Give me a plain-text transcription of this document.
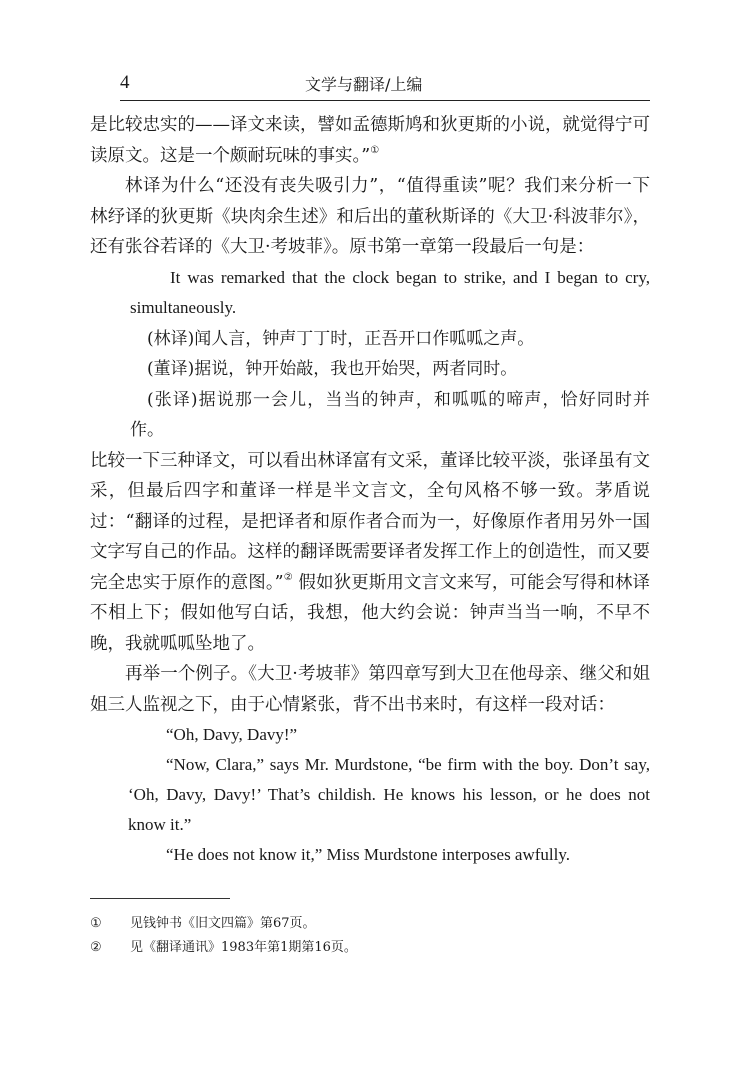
4	文学与翻译/上编

是比较忠实的——译文来读，譬如孟德斯鸠和狄更斯的小说，就觉得宁可读原文。这是一个颇耐玩味的事实。”①

林译为什么“还没有丧失吸引力”，“值得重读”呢？我们来分析一下林纾译的狄更斯《块肉余生述》和后出的董秋斯译的《大卫·科波菲尔》，还有张谷若译的《大卫·考坡菲》。原书第一章第一段最后一句是：

It was remarked that the clock began to strike, and I began to cry, simultaneously.

(林译)闻人言，钟声丁丁时，正吾开口作呱呱之声。

(董译)据说，钟开始敲，我也开始哭，两者同时。

(张译)据说那一会儿，当当的钟声，和呱呱的啼声，恰好同时并作。

比较一下三种译文，可以看出林译富有文采，董译比较平淡，张译虽有文采，但最后四字和董译一样是半文言文，全句风格不够一致。茅盾说过：“翻译的过程，是把译者和原作者合而为一，好像原作者用另外一国文字写自己的作品。这样的翻译既需要译者发挥工作上的创造性，而又要完全忠实于原作的意图。”② 假如狄更斯用文言文来写，可能会写得和林译不相上下；假如他写白话，我想，他大约会说：钟声当当一响，不早不晚，我就呱呱坠地了。

再举一个例子。《大卫·考坡菲》第四章写到大卫在他母亲、继父和姐姐三人监视之下，由于心情紧张，背不出书来时，有这样一段对话：

“Oh, Davy, Davy!”
“Now, Clara,” says Mr. Murdstone, “be firm with the boy. Don’t say, ‘Oh, Davy, Davy!’ That’s childish. He knows his lesson, or he does not know it.”
“He does not know it,” Miss Murdstone interposes awfully.
①	见钱钟书《旧文四篇》第67页。
②	见《翻译通讯》1983年第1期第16页。
